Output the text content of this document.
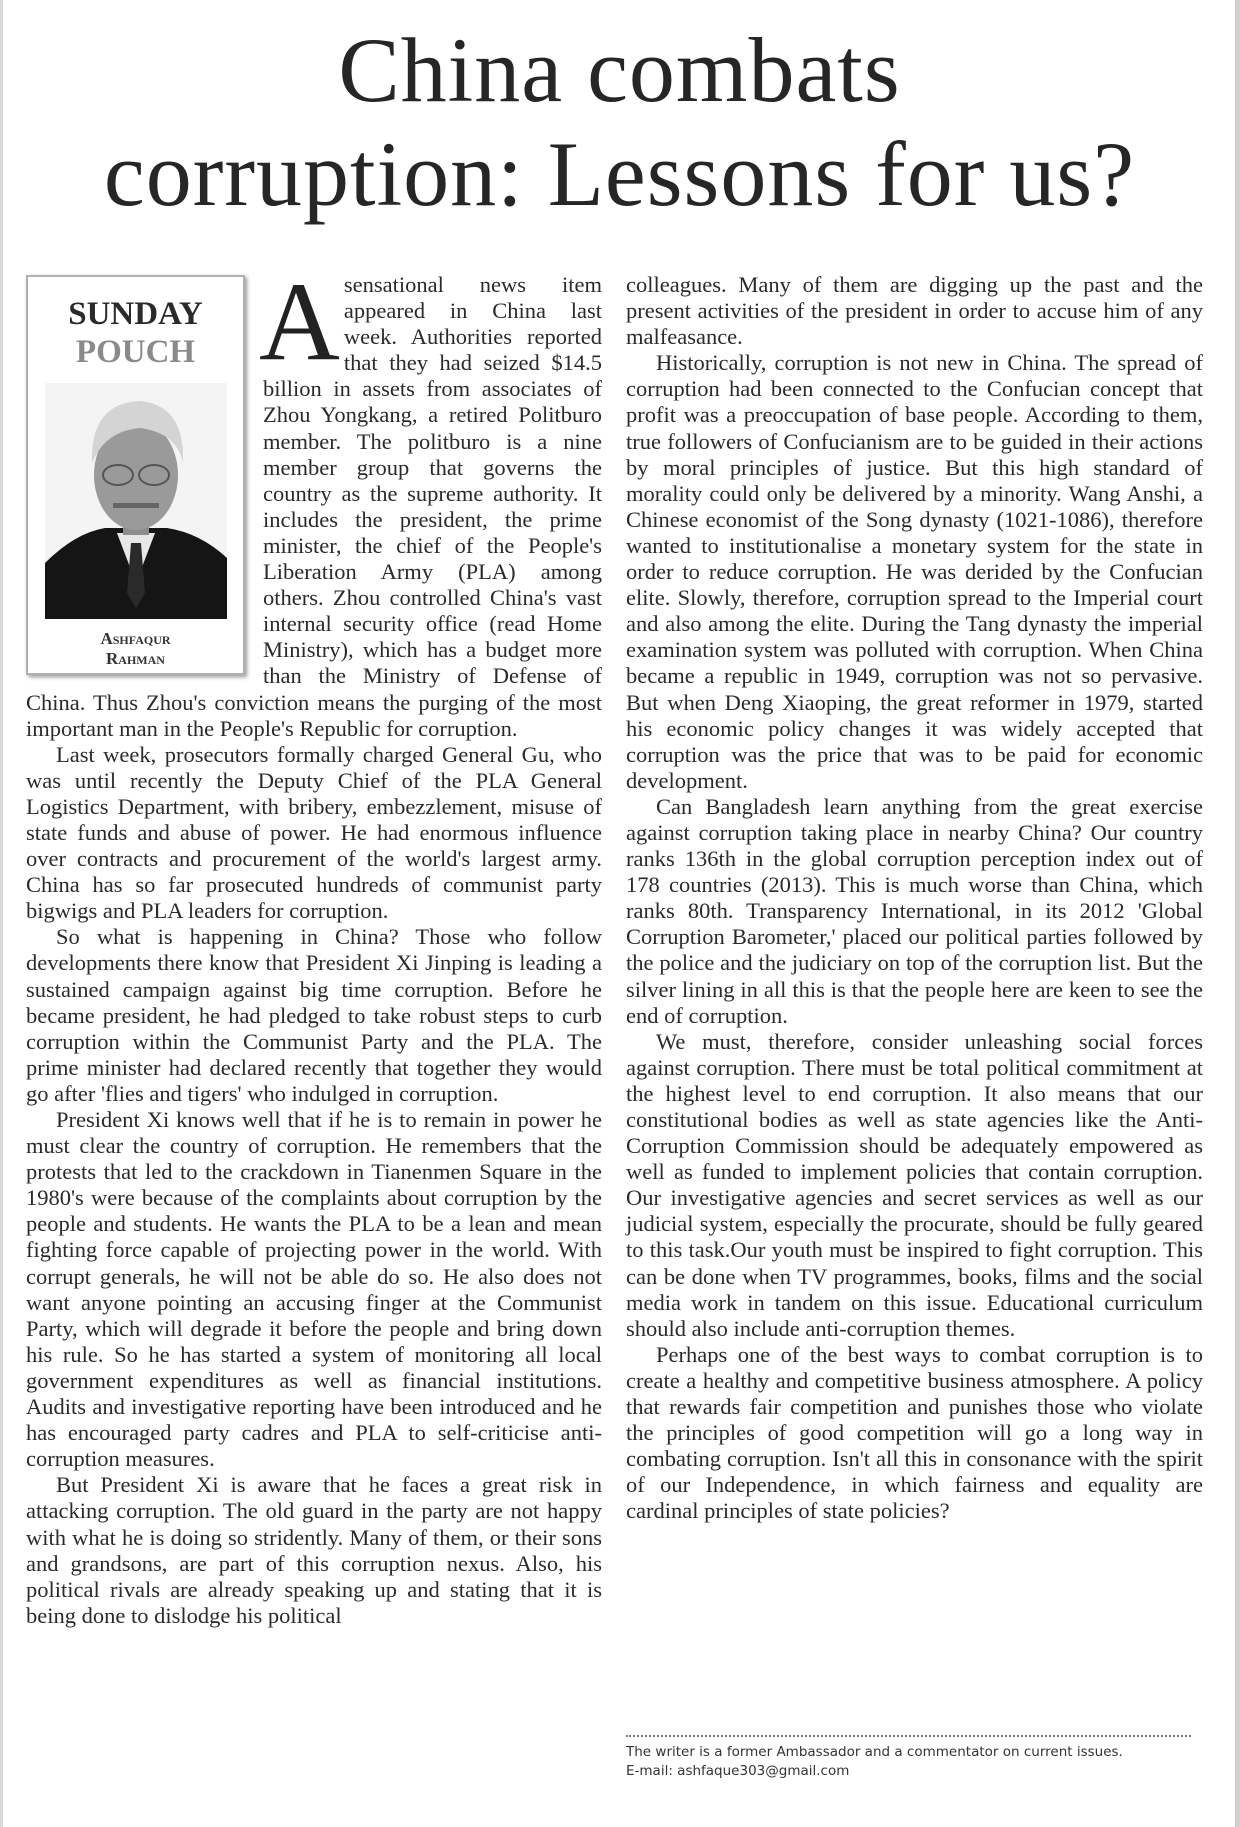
China combats
corruption: Lessons for us?
SUNDAY
POUCH
Ashfaqur
Rahman
A sensational news item appeared in China last week. Authorities reported that they had seized $14.5 billion in assets from associates of Zhou Yongkang, a retired Politburo member. The politburo is a nine member group that governs the country as the supreme authority. It includes the president, the prime minister, the chief of the People's Liberation Army (PLA) among others. Zhou controlled China's vast internal security office (read Home Ministry), which has a budget more than the Ministry of Defense of China. Thus Zhou's conviction means the purging of the most important man in the People's Republic for corruption.

Last week, prosecutors formally charged General Gu, who was until recently the Deputy Chief of the PLA General Logistics Department, with bribery, embezzlement, misuse of state funds and abuse of power. He had enormous influence over contracts and procurement of the world's largest army. China has so far prosecuted hundreds of communist party bigwigs and PLA leaders for corruption.

So what is happening in China? Those who follow developments there know that President Xi Jinping is leading a sustained campaign against big time corruption. Before he became president, he had pledged to take robust steps to curb corruption within the Communist Party and the PLA. The prime minister had declared recently that together they would go after 'flies and tigers' who indulged in corruption.

President Xi knows well that if he is to remain in power he must clear the country of corruption. He remembers that the protests that led to the crackdown in Tianenmen Square in the 1980's were because of the complaints about corruption by the people and students. He wants the PLA to be a lean and mean fighting force capable of projecting power in the world. With corrupt generals, he will not be able do so. He also does not want anyone pointing an accusing finger at the Communist Party, which will degrade it before the people and bring down his rule. So he has started a system of monitoring all local government expenditures as well as financial institutions. Audits and investigative reporting have been introduced and he has encouraged party cadres and PLA to self-criticise anti-corruption measures.

But President Xi is aware that he faces a great risk in attacking corruption. The old guard in the party are not happy with what he is doing so stridently. Many of them, or their sons and grandsons, are part of this corruption nexus. Also, his political rivals are already speaking up and stating that it is being done to dislodge his political

colleagues. Many of them are digging up the past and the present activities of the president in order to accuse him of any malfeasance.

Historically, corruption is not new in China. The spread of corruption had been connected to the Confucian concept that profit was a preoccupation of base people. According to them, true followers of Confucianism are to be guided in their actions by moral principles of justice. But this high standard of morality could only be delivered by a minority. Wang Anshi, a Chinese economist of the Song dynasty (1021-1086), therefore wanted to institutionalise a monetary system for the state in order to reduce corruption. He was derided by the Confucian elite. Slowly, therefore, corruption spread to the Imperial court and also among the elite. During the Tang dynasty the imperial examination system was polluted with corruption. When China became a republic in 1949, corruption was not so pervasive. But when Deng Xiaoping, the great reformer in 1979, started his economic policy changes it was widely accepted that corruption was the price that was to be paid for economic development.

Can Bangladesh learn anything from the great exercise against corruption taking place in nearby China? Our country ranks 136th in the global corruption perception index out of 178 countries (2013). This is much worse than China, which ranks 80th. Transparency International, in its 2012 'Global Corruption Barometer,' placed our political parties followed by the police and the judiciary on top of the corruption list. But the silver lining in all this is that the people here are keen to see the end of corruption.

We must, therefore, consider unleashing social forces against corruption. There must be total political commitment at the highest level to end corruption. It also means that our constitutional bodies as well as state agencies like the Anti- Corruption Commission should be adequately empowered as well as funded to implement policies that contain corruption. Our investigative agencies and secret services as well as our judicial system, especially the procurate, should be fully geared to this task.Our youth must be inspired to fight corruption. This can be done when TV programmes, books, films and the social media work in tandem on this issue. Educational curriculum should also include anti-corruption themes.

Perhaps one of the best ways to combat corruption is to create a healthy and competitive business atmosphere. A policy that rewards fair competition and punishes those who violate the principles of good competition will go a long way in combating corruption. Isn't all this in consonance with the spirit of our Independence, in which fairness and equality are cardinal principles of state policies?

The writer is a former Ambassador and a commentator on current issues.
E-mail: ashfaque303@gmail.com
